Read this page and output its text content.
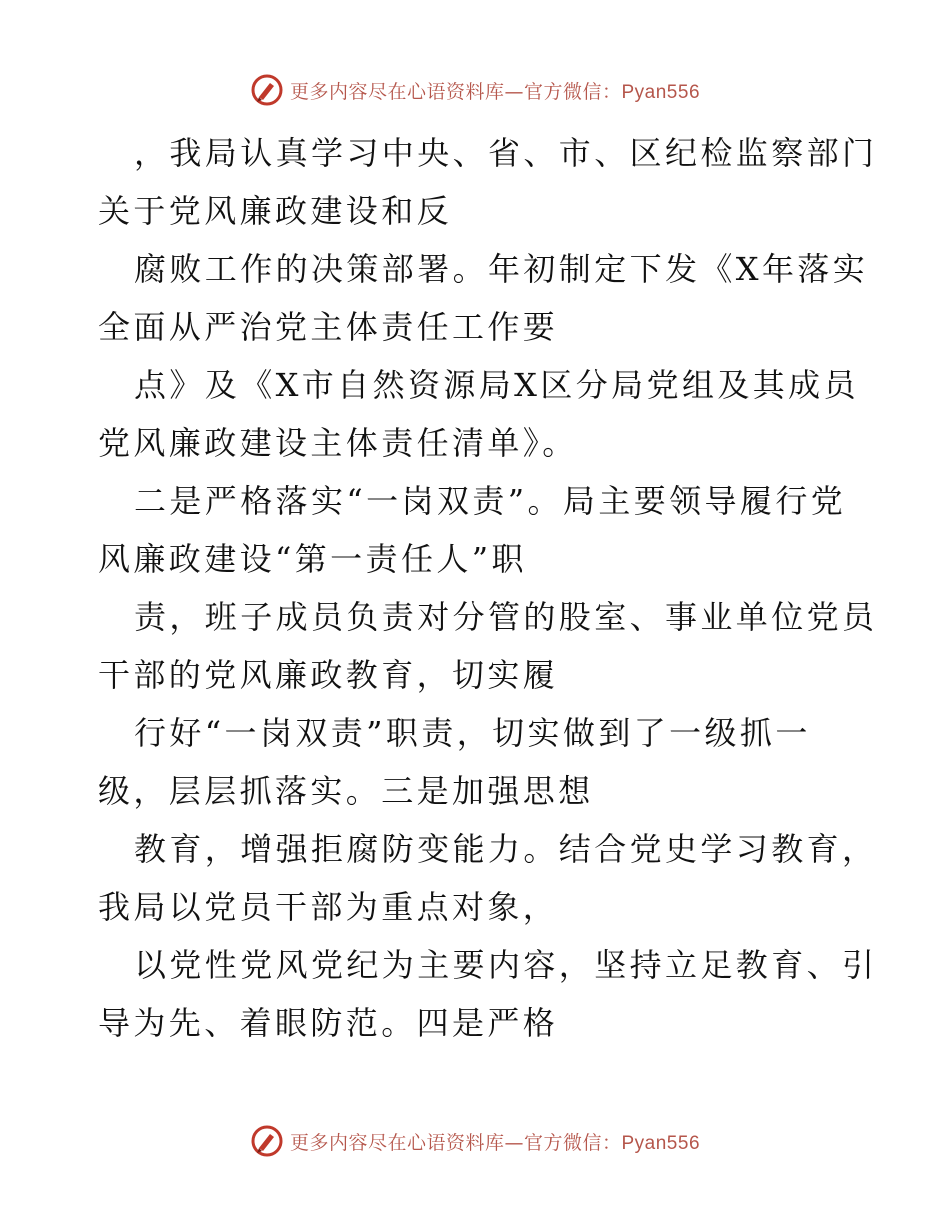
更多内容尽在心语资料库—官方微信：Pyan556
，我局认真学习中央、省、市、区纪检监察部门
关于党风廉政建设和反
腐败工作的决策部署。年初制定下发《X年落实
全面从严治党主体责任工作要
点》及《X市自然资源局X区分局党组及其成员
党风廉政建设主体责任清单》。
二是严格落实“一岗双责”。局主要领导履行党
风廉政建设“第一责任人”职
责，班子成员负责对分管的股室、事业单位党员
干部的党风廉政教育，切实履
行好“一岗双责”职责，切实做到了一级抓一
级，层层抓落实。三是加强思想
教育，增强拒腐防变能力。结合党史学习教育，
我局以党员干部为重点对象，
以党性党风党纪为主要内容，坚持立足教育、引
导为先、着眼防范。四是严格
更多内容尽在心语资料库—官方微信：Pyan556
